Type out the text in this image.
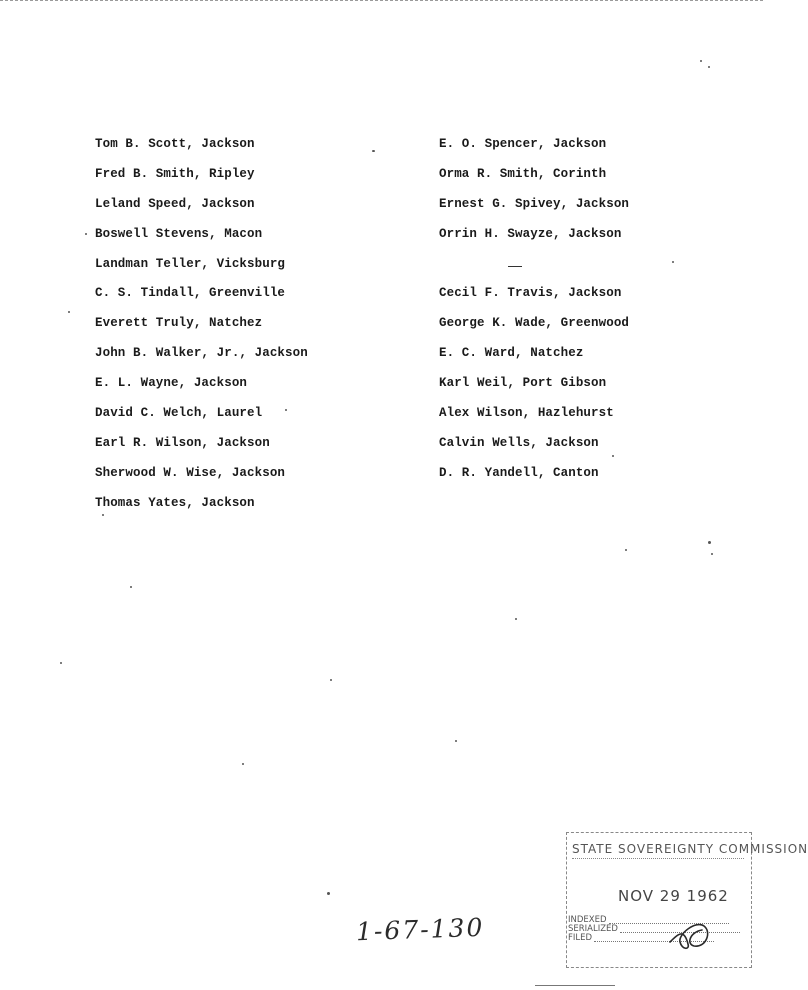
Tom B. Scott, Jackson
Fred B. Smith, Ripley
Leland Speed, Jackson
Boswell Stevens, Macon
Landman Teller, Vicksburg
C. S. Tindall, Greenville
Everett Truly, Natchez
John B. Walker, Jr., Jackson
E. L. Wayne, Jackson
David C. Welch, Laurel
Earl R. Wilson, Jackson
Sherwood W. Wise, Jackson
Thomas Yates, Jackson
E. O. Spencer, Jackson
Orma R. Smith, Corinth
Ernest G. Spivey, Jackson
Orrin H. Swayze, Jackson
Cecil F. Travis, Jackson
George K. Wade, Greenwood
E. C. Ward, Natchez
Karl Weil, Port Gibson
Alex Wilson, Hazlehurst
Calvin Wells, Jackson
D. R. Yandell, Canton
1-67-130
STATE SOVEREIGNTY COMMISSION
NOV 29 1962
INDEXED
SERIALIZED
FILED
